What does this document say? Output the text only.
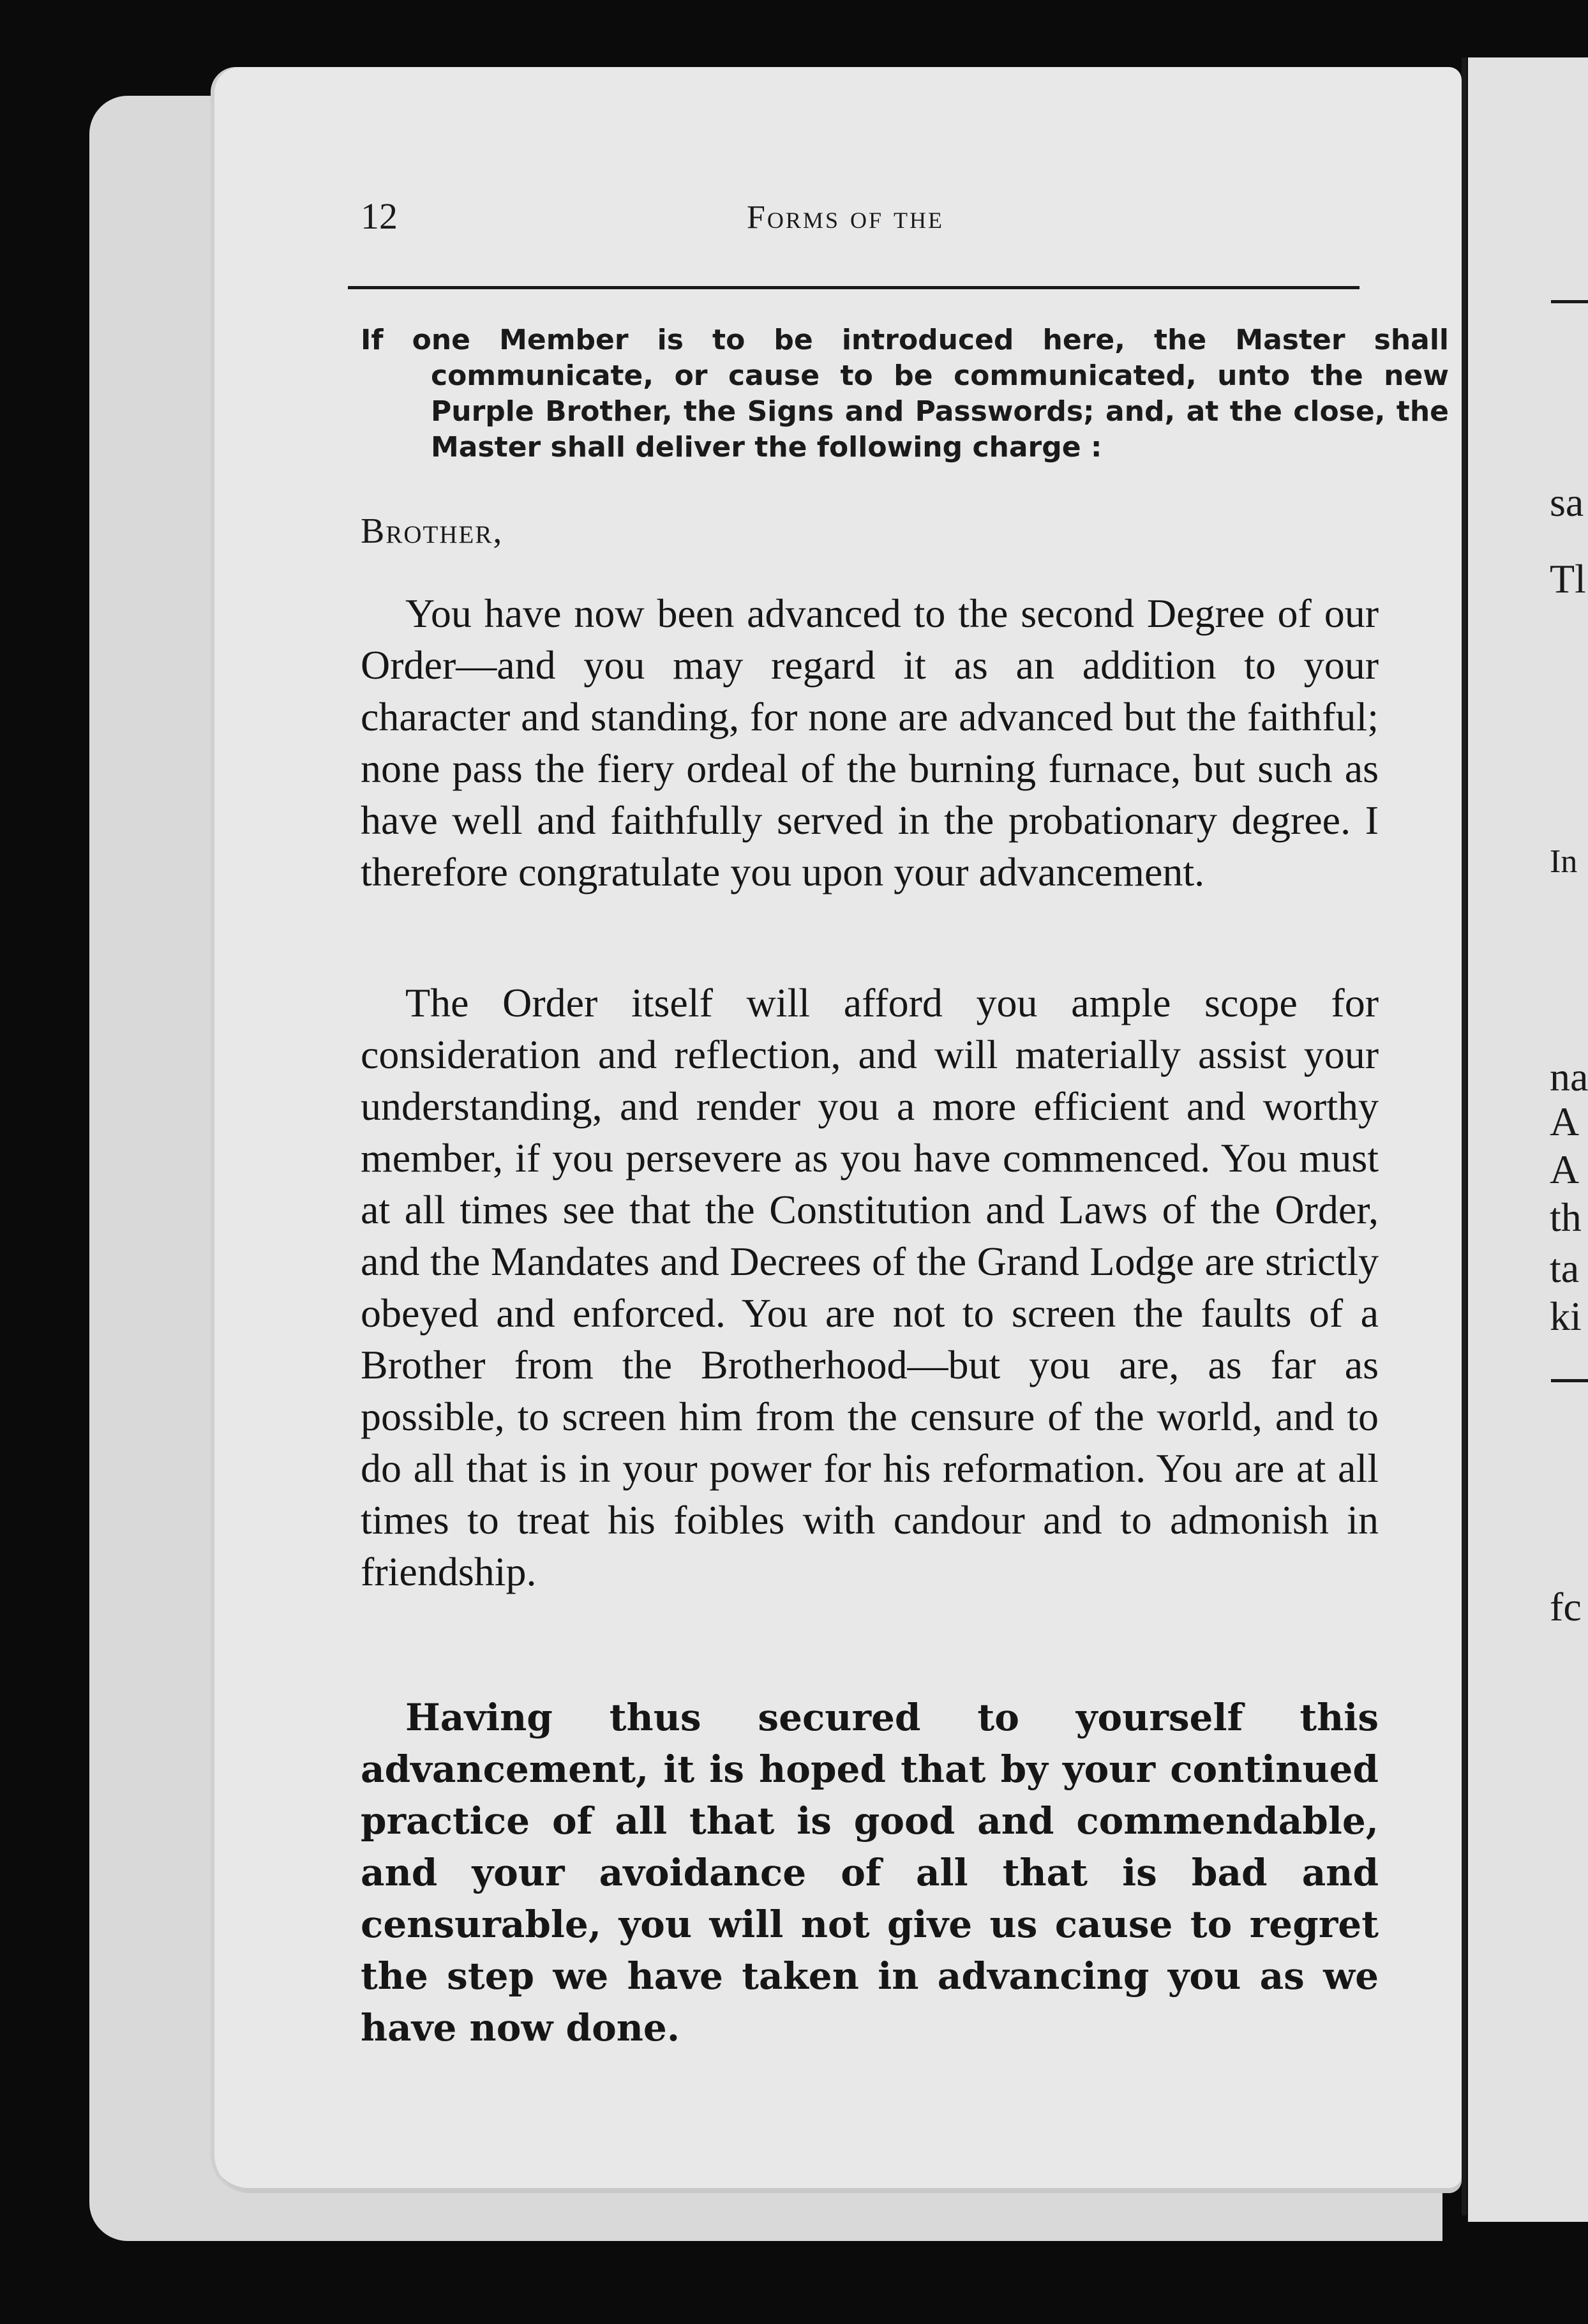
sa
Tl
In
na
A
A
th
ta
ki
fc
12	Forms of the
If one Member is to be introduced here, the Master shall communicate, or cause to be communicated, unto the new Purple Brother, the Signs and Passwords; and, at the close, the Master shall deliver the following charge :
Brother,

You have now been advanced to the second Degree of our Order—and you may regard it as an addition to your character and standing, for none are advanced but the faithful; none pass the fiery ordeal of the burning furnace, but such as have well and faithfully served in the probationary degree. I therefore congratulate you upon your advancement.

The Order itself will afford you ample scope for consideration and reflection, and will materially assist your understanding, and render you a more efficient and worthy member, if you persevere as you have commenced. You must at all times see that the Constitution and Laws of the Order, and the Mandates and Decrees of the Grand Lodge are strictly obeyed and enforced. You are not to screen the faults of a Brother from the Brotherhood—but you are, as far as possible, to screen him from the censure of the world, and to do all that is in your power for his reformation. You are at all times to treat his foibles with candour and to admonish in friendship.

Having thus secured to yourself this advancement, it is hoped that by your continued practice of all that is good and commendable, and your avoidance of all that is bad and censurable, you will not give us cause to regret the step we have taken in advancing you as we have now done.
